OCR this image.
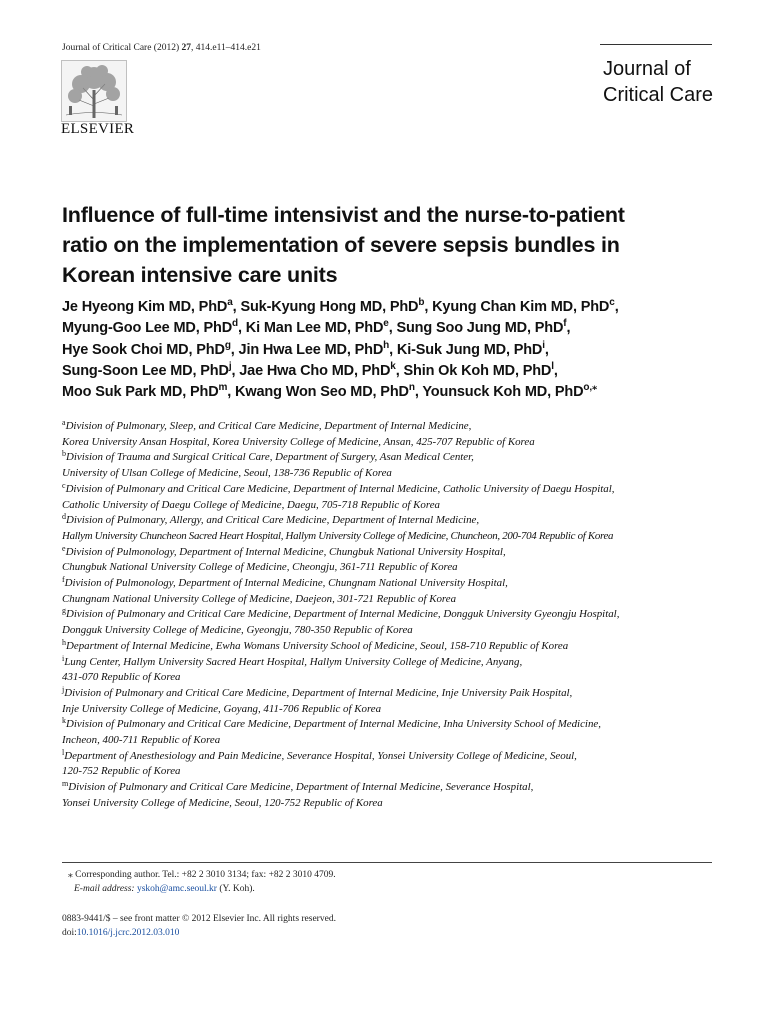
Journal of Critical Care (2012) 27, 414.e11–414.e21
ELSEVIER
Journal of
Critical Care
Influence of full-time intensivist and the nurse-to-patient
ratio on the implementation of severe sepsis bundles in
Korean intensive care units
Je Hyeong Kim MD, PhD$^a$, Suk-Kyung Hong MD, PhD$^b$, Kyung Chan Kim MD, PhD$^c$,
Myung-Goo Lee MD, PhD$^d$, Ki Man Lee MD, PhD$^e$, Sung Soo Jung MD, PhD$^f$,
Hye Sook Choi MD, PhD$^g$, Jin Hwa Lee MD, PhD$^h$, Ki-Suk Jung MD, PhD$^i$,
Sung-Soon Lee MD, PhD$^j$, Jae Hwa Cho MD, PhD$^k$, Shin Ok Koh MD, PhD$^l$,
Moo Suk Park MD, PhD$^m$, Kwang Won Seo MD, PhD$^n$, Younsuck Koh MD, PhD$^{o,⁎}$
$^a$Division of Pulmonary, Sleep, and Critical Care Medicine, Department of Internal Medicine,
Korea University Ansan Hospital, Korea University College of Medicine, Ansan, 425-707 Republic of Korea
$^b$Division of Trauma and Surgical Critical Care, Department of Surgery, Asan Medical Center,
University of Ulsan College of Medicine, Seoul, 138-736 Republic of Korea
$^c$Division of Pulmonary and Critical Care Medicine, Department of Internal Medicine, Catholic University of Daegu Hospital,
Catholic University of Daegu College of Medicine, Daegu, 705-718 Republic of Korea
$^d$Division of Pulmonary, Allergy, and Critical Care Medicine, Department of Internal Medicine,
Hallym University Chuncheon Sacred Heart Hospital, Hallym University College of Medicine, Chuncheon, 200-704 Republic of Korea
$^e$Division of Pulmonology, Department of Internal Medicine, Chungbuk National University Hospital,
Chungbuk National University College of Medicine, Cheongju, 361-711 Republic of Korea
$^f$Division of Pulmonology, Department of Internal Medicine, Chungnam National University Hospital,
Chungnam National University College of Medicine, Daejeon, 301-721 Republic of Korea
$^g$Division of Pulmonary and Critical Care Medicine, Department of Internal Medicine, Dongguk University Gyeongju Hospital,
Dongguk University College of Medicine, Gyeongju, 780-350 Republic of Korea
$^h$Department of Internal Medicine, Ewha Womans University School of Medicine, Seoul, 158-710 Republic of Korea
$^i$Lung Center, Hallym University Sacred Heart Hospital, Hallym University College of Medicine, Anyang,
431-070 Republic of Korea
$^j$Division of Pulmonary and Critical Care Medicine, Department of Internal Medicine, Inje University Paik Hospital,
Inje University College of Medicine, Goyang, 411-706 Republic of Korea
$^k$Division of Pulmonary and Critical Care Medicine, Department of Internal Medicine, Inha University School of Medicine,
Incheon, 400-711 Republic of Korea
$^l$Department of Anesthesiology and Pain Medicine, Severance Hospital, Yonsei University College of Medicine, Seoul,
120-752 Republic of Korea
$^m$Division of Pulmonary and Critical Care Medicine, Department of Internal Medicine, Severance Hospital,
Yonsei University College of Medicine, Seoul, 120-752 Republic of Korea
⁎ Corresponding author. Tel.: +82 2 3010 3134; fax: +82 2 3010 4709.
E-mail address: yskoh@amc.seoul.kr (Y. Koh).
0883-9441/$ – see front matter © 2012 Elsevier Inc. All rights reserved.
doi:10.1016/j.jcrc.2012.03.010
